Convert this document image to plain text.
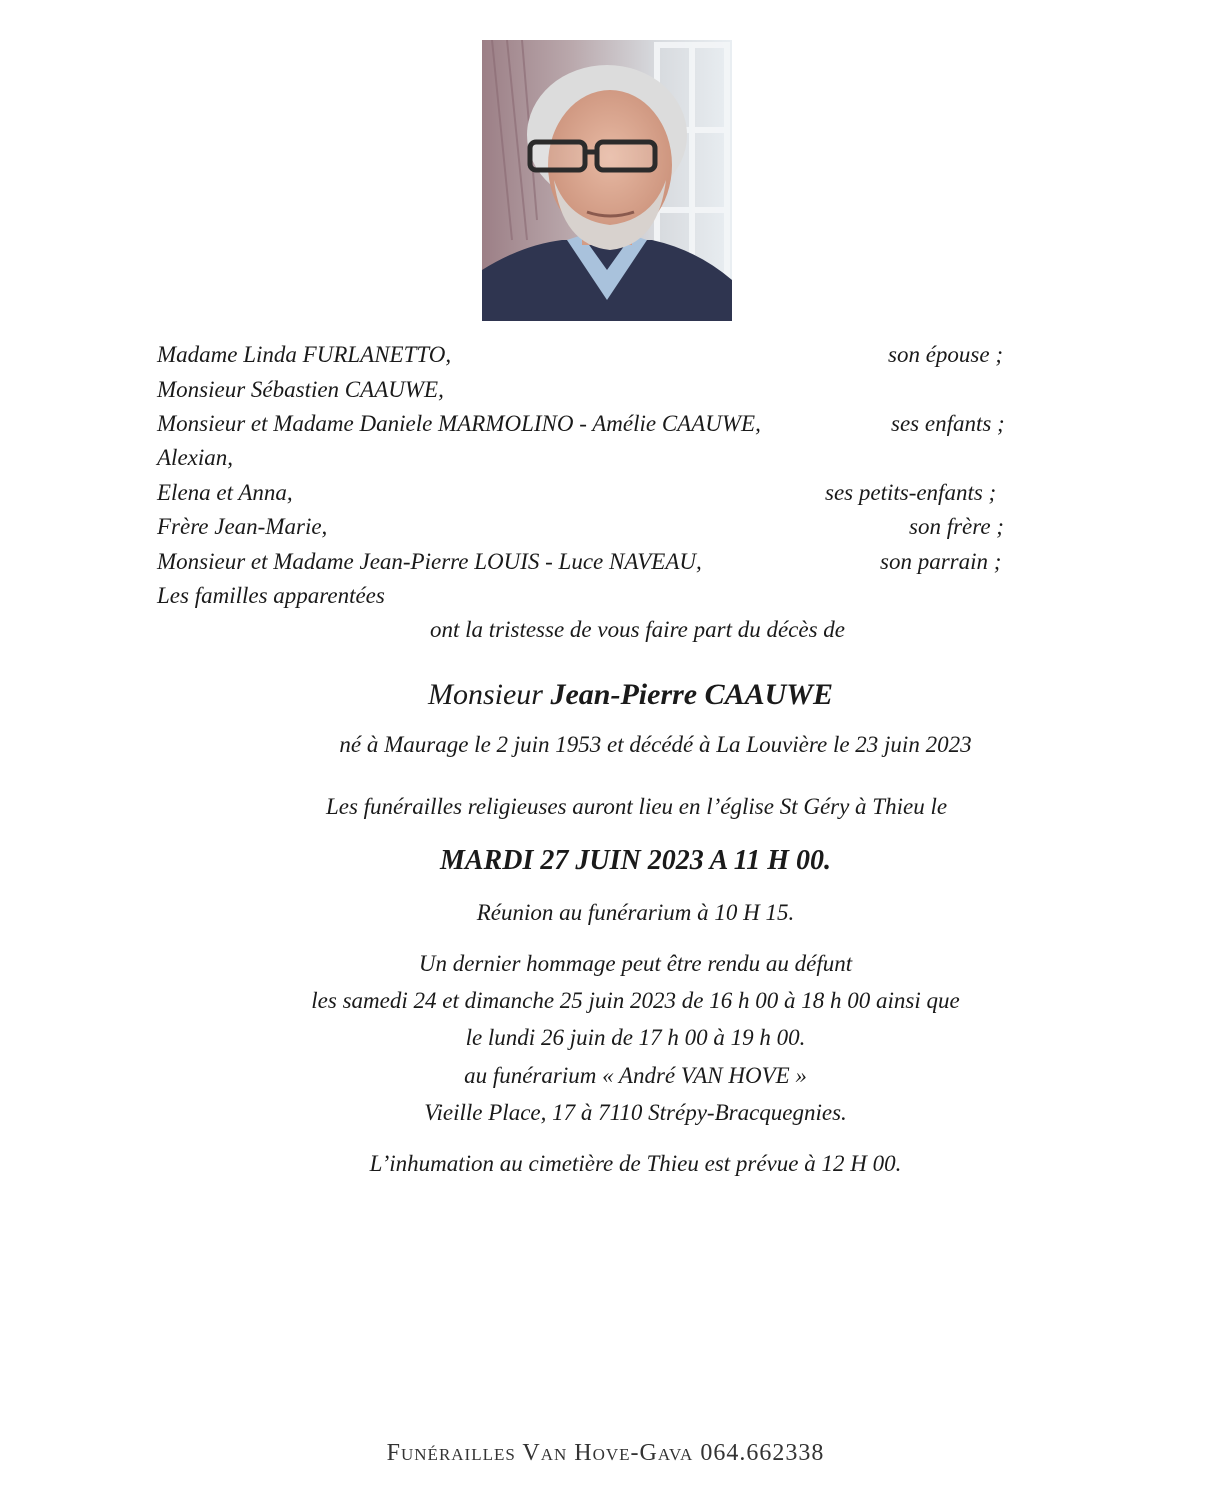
Madame Linda FURLANETTO,	son épouse ;
Monsieur Sébastien CAAUWE,
Monsieur et Madame Daniele MARMOLINO - Amélie CAAUWE,	ses enfants ;
Alexian,
Elena et Anna,	ses petits-enfants ;
Frère Jean-Marie,	son frère ;
Monsieur et Madame Jean-Pierre LOUIS - Luce NAVEAU,	son parrain ;
Les familles apparentées
ont la tristesse de vous faire part du décès de
Monsieur Jean-Pierre CAAUWE
né à Maurage le 2 juin 1953 et décédé à La Louvière le 23 juin 2023
Les funérailles religieuses auront lieu en l’église St Géry à Thieu le
MARDI 27 JUIN 2023 A 11 H 00.
Réunion au funérarium à 10 H 15.
Un dernier hommage peut être rendu au défunt
les samedi 24 et dimanche 25 juin 2023 de 16 h 00 à 18 h 00 ainsi que
le lundi 26 juin de 17 h 00 à 19 h 00.
au funérarium « André VAN HOVE »
Vieille Place, 17 à 7110 Strépy-Bracquegnies.
L’inhumation au cimetière de Thieu est prévue à 12 H 00.
Funérailles Van Hove-Gava 064.662338
